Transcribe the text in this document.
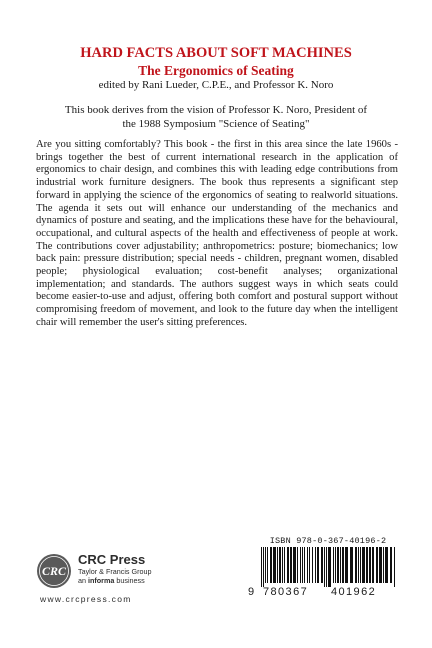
HARD FACTS ABOUT SOFT MACHINES
The Ergonomics of Seating
edited by Rani Lueder, C.P.E., and Professor K. Noro
This book derives from the vision of Professor K. Noro, President of the 1988 Symposium "Science of Seating"

Are you sitting comfortably? This book - the first in this area since the late 1960s - brings together the best of current international research in the application of ergonomics to chair design, and combines this with leading edge contributions from industrial work furniture designers. The book thus represents a significant step forward in applying the science of the ergonomics of seating to realworld situations. The agenda it sets out will enhance our understanding of the mechanics and dynamics of posture and seating, and the implications these have for the behavioural, occupational, and cultural aspects of the health and effectiveness of people at work. The contributions cover adjustability; anthropometrics: posture; biomechanics; low back pain: pressure distribution; special needs - children, pregnant women, disabled people; physiological evaluation; cost-benefit analyses; organizational implementation; and standards. The authors suggest ways in which seats could become easier-to-use and adjust, offering both comfort and postural support without compromising freedom of movement, and look to the future day when the intelligent chair will remember the user's sitting preferences.

CRC
CRC Press
Taylor & Francis Group
an informa business
www.crcpress.com
ISBN 978-0-367-40196-2
9 780367 401962
